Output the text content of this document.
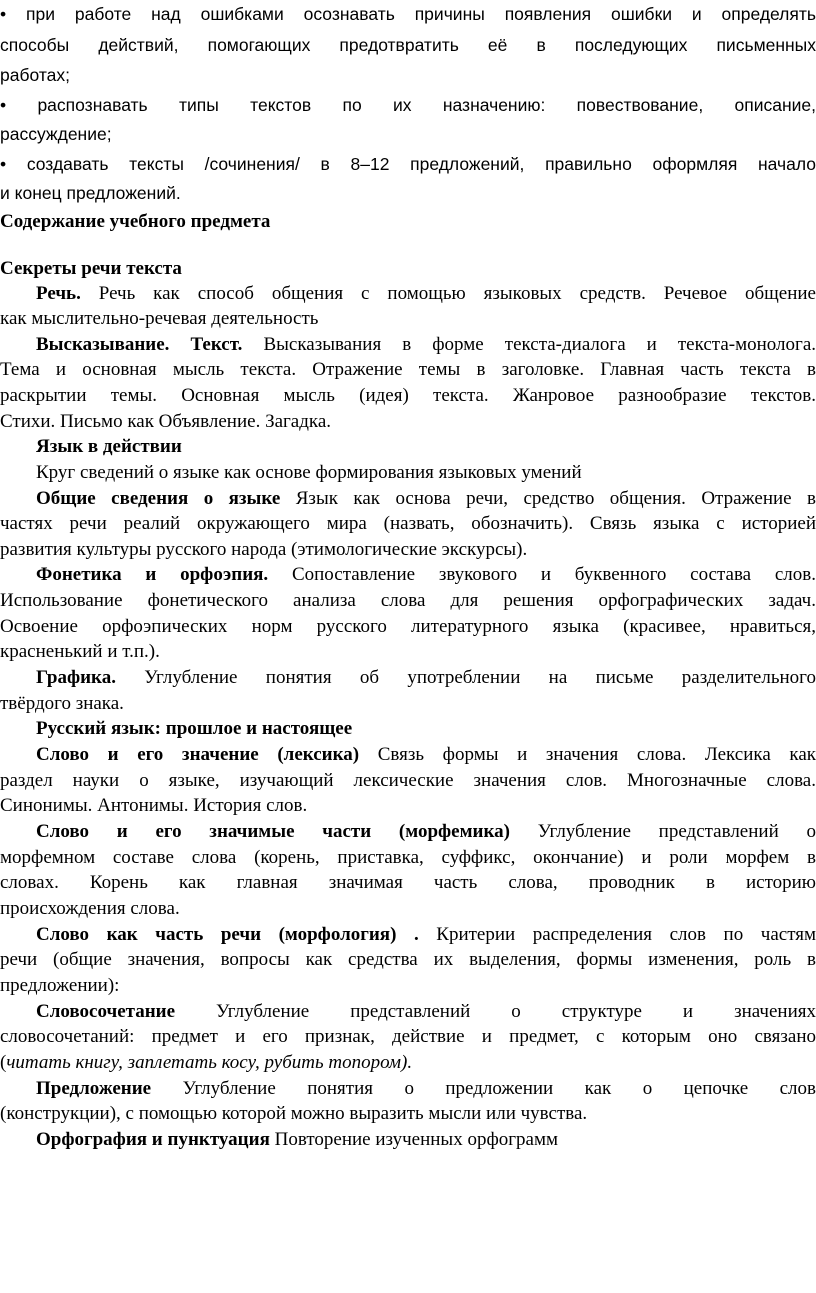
• при работе над ошибками осознавать причины появления ошибки и определять
способы действий, помогающих предотвратить её в последующих письменных
работах;
• распознавать типы текстов по их назначению: повествование, описание,
рассуждение;
• создавать тексты /сочинения/ в 8–12 предложений, правильно оформляя начало
и конец предложений.
Содержание учебного предмета
Секреты речи текста
Речь. Речь как способ общения с помощью языковых средств. Речевое общение
как мыслительно-речевая деятельность
Высказывание. Текст. Высказывания в форме текста-диалога и текста-монолога.
Тема и основная мысль текста. Отражение темы в заголовке. Главная часть текста в
раскрытии темы. Основная мысль (идея) текста. Жанровое разнообразие текстов.
Стихи. Письмо как Объявление. Загадка.
Язык в действии
Круг сведений о языке как основе формирования языковых умений
Общие сведения о языке Язык как основа речи, средство общения. Отражение в
частях речи реалий окружающего мира (назвать, обозначить). Связь языка с историей
развития культуры русского народа (этимологические экскурсы).
Фонетика и орфоэпия. Сопоставление звукового и буквенного состава слов.
Использование фонетического анализа слова для решения орфографических задач.
Освоение орфоэпических норм русского литературного языка (красивее, нравиться,
красненький и т.п.).
Графика. Углубление понятия об употреблении на письме разделительного
твёрдого знака.
Русский язык: прошлое и настоящее
Слово и его значение (лексика) Связь формы и значения слова. Лексика как
раздел науки о языке, изучающий лексические значения слов. Многозначные слова.
Синонимы. Антонимы. История слов.
Слово и его значимые части (морфемика) Углубление представлений о
морфемном составе слова (корень, приставка, суффикс, окончание) и роли морфем в
словах. Корень как главная значимая часть слова, проводник в историю
происхождения слова.
Слово как часть речи (морфология) . Критерии распределения слов по частям
речи (общие значения, вопросы как средства их выделения, формы изменения, роль в
предложении):
Словосочетание Углубление представлений о структуре и значениях
словосочетаний: предмет и его признак, действие и предмет, с которым оно связано
(читать книгу, заплетать косу, рубить топором).
Предложение Углубление понятия о предложении как о цепочке слов
(конструкции), с помощью которой можно выразить мысли или чувства.
Орфография и пунктуация Повторение изученных орфограмм
